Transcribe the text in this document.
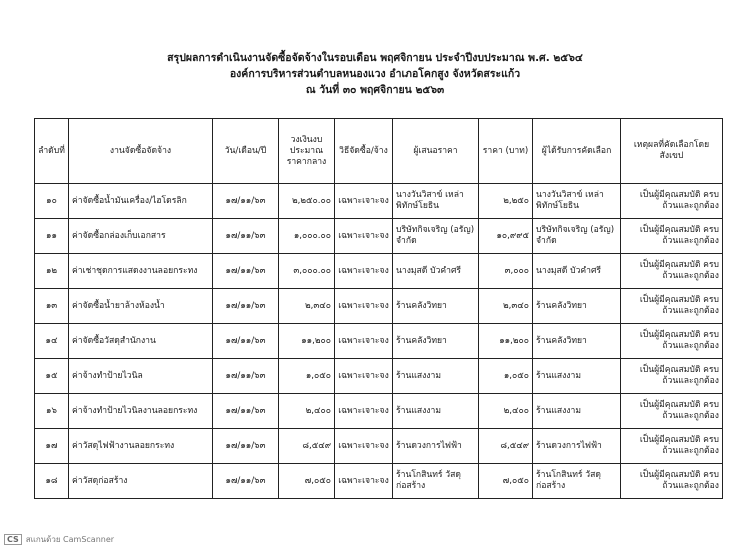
สรุปผลการดำเนินงานจัดซื้อจัดจ้างในรอบเดือน พฤศจิกายน ประจำปีงบประมาณ พ.ศ. ๒๕๖๔
องค์การบริหารส่วนตำบลหนองแวง อำเภอโคกสูง จังหวัดสระแก้ว
ณ วันที่ ๓๐ พฤศจิกายน ๒๕๖๓
ลำดับที่	งานจัดซื้อจัดจ้าง	วัน/เดือน/ปี	วงเงินงบประมาณ ราคากลาง	วิธีจัดซื้อ/จ้าง	ผู้เสนอราคา	ราคา (บาท)	ผู้ได้รับการคัดเลือก	เหตุผลที่คัดเลือกโดยสังเขป
๑๐	ค่าจัดซื้อน้ำมันเครื่อง/ไฮโดรลิก	๑๗/๑๑/๖๓	๒,๒๕๐.๐๐	เฉพาะเจาะจง	นางวันวิสาข์ เหล่าพิทักษ์โยธิน	๒,๒๕๐	นางวันวิสาข์ เหล่าพิทักษ์โยธิน	เป็นผู้มีคุณสมบัติ ครบถ้วนและถูกต้อง
๑๑	ค่าจัดซื้อกล่องเก็บเอกสาร	๑๗/๑๑/๖๓	๑,๐๐๐.๐๐	เฉพาะเจาะจง	บริษัทกิจเจริญ (อรัญ) จำกัด	๑๐,๙๙๕	บริษัทกิจเจริญ (อรัญ) จำกัด	เป็นผู้มีคุณสมบัติ ครบถ้วนและถูกต้อง
๑๒	ค่าเช่าชุดการแสดงงานลอยกระทง	๑๗/๑๑/๖๓	๓,๐๐๐.๐๐	เฉพาะเจาะจง	นางมุสดี บัวคำศรี	๓,๐๐๐	นางมุสดี บัวคำศรี	เป็นผู้มีคุณสมบัติ ครบถ้วนและถูกต้อง
๑๓	ค่าจัดซื้อน้ำยาล้างห้องน้ำ	๑๗/๑๑/๖๓	๒,๓๔๐	เฉพาะเจาะจง	ร้านคลังวิทยา	๒,๓๔๐	ร้านคลังวิทยา	เป็นผู้มีคุณสมบัติ ครบถ้วนและถูกต้อง
๑๔	ค่าจัดซื้อวัสดุสำนักงาน	๑๗/๑๑/๖๓	๑๑,๒๐๐	เฉพาะเจาะจง	ร้านคลังวิทยา	๑๑,๒๐๐	ร้านคลังวิทยา	เป็นผู้มีคุณสมบัติ ครบถ้วนและถูกต้อง
๑๕	ค่าจ้างทำป้ายไวนิล	๑๗/๑๑/๖๓	๑,๐๕๐	เฉพาะเจาะจง	ร้านแสงงาม	๑,๐๕๐	ร้านแสงงาม	เป็นผู้มีคุณสมบัติ ครบถ้วนและถูกต้อง
๑๖	ค่าจ้างทำป้ายไวนิลงานลอยกระทง	๑๗/๑๑/๖๓	๒,๔๐๐	เฉพาะเจาะจง	ร้านแสงงาม	๒,๔๐๐	ร้านแสงงาม	เป็นผู้มีคุณสมบัติ ครบถ้วนและถูกต้อง
๑๗	ค่าวัสดุไฟฟ้างานลอยกระทง	๑๗/๑๑/๖๓	๘,๕๔๙	เฉพาะเจาะจง	ร้านดวงการไฟฟ้า	๘,๕๔๙	ร้านดวงการไฟฟ้า	เป็นผู้มีคุณสมบัติ ครบถ้วนและถูกต้อง
๑๘	ค่าวัสดุก่อสร้าง	๑๗/๑๑/๖๓	๗,๐๕๐	เฉพาะเจาะจง	ร้านโกสินทร์ วัสดุก่อสร้าง	๗,๐๕๐	ร้านโกสินทร์ วัสดุก่อสร้าง	เป็นผู้มีคุณสมบัติ ครบถ้วนและถูกต้อง
CS สแกนด้วย CamScanner
